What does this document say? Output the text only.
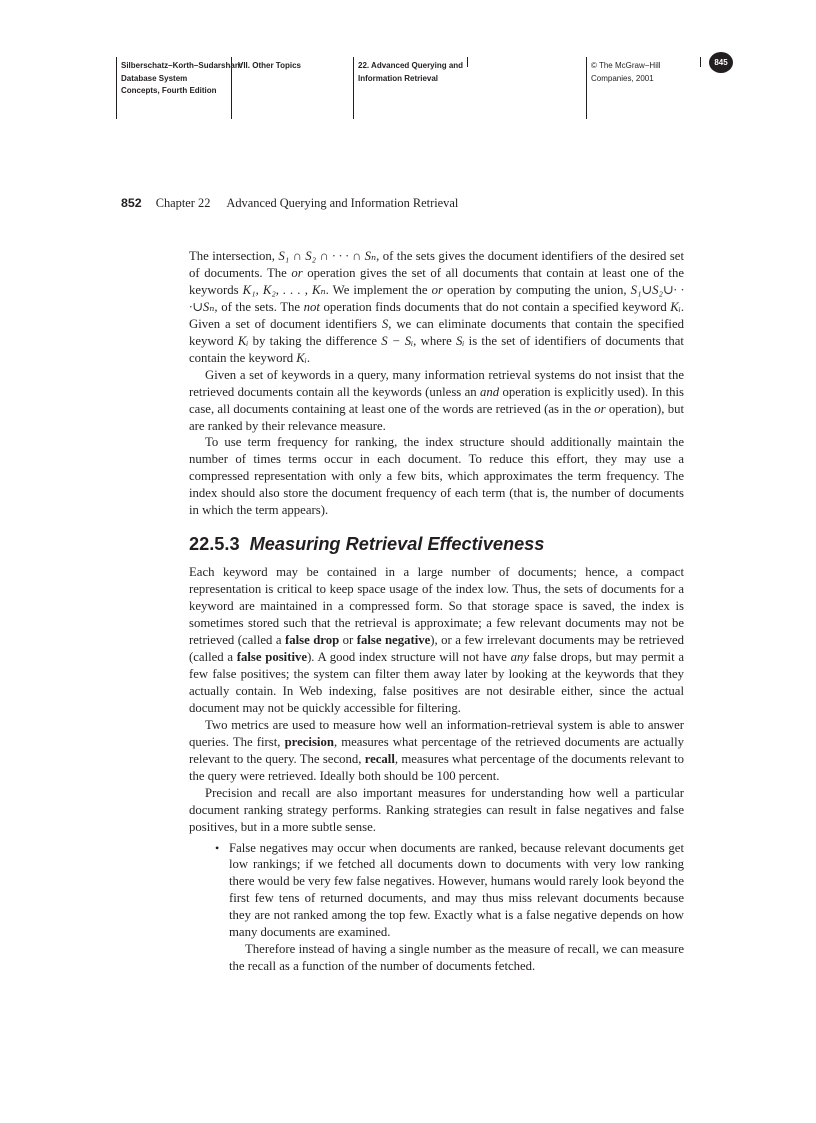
Silberschatz–Korth–Sudarshan:
Database System
Concepts, Fourth Edition
VII. Other Topics	22. Advanced Querying and
Information Retrieval
© The McGraw−Hill
Companies, 2001
845
852 Chapter 22 Advanced Querying and Information Retrieval

The intersection, S₁ ∩ S₂ ∩ · · · ∩ Sₙ, of the sets gives the document identifiers of the desired set of documents. The or operation gives the set of all documents that contain at least one of the keywords K₁, K₂, . . . , Kₙ. We implement the or operation by computing the union, S₁∪S₂∪· · ·∪Sₙ, of the sets. The not operation finds documents that do not contain a specified keyword Kᵢ. Given a set of document identifiers S, we can eliminate documents that contain the specified keyword Kᵢ by taking the difference S − Sᵢ, where Sᵢ is the set of identifiers of documents that contain the keyword Kᵢ.

Given a set of keywords in a query, many information retrieval systems do not insist that the retrieved documents contain all the keywords (unless an and operation is explicitly used). In this case, all documents containing at least one of the words are retrieved (as in the or operation), but are ranked by their relevance measure.

To use term frequency for ranking, the index structure should additionally maintain the number of times terms occur in each document. To reduce this effort, they may use a compressed representation with only a few bits, which approximates the term frequency. The index should also store the document frequency of each term (that is, the number of documents in which the term appears).

22.5.3 Measuring Retrieval Effectiveness

Each keyword may be contained in a large number of documents; hence, a compact representation is critical to keep space usage of the index low. Thus, the sets of documents for a keyword are maintained in a compressed form. So that storage space is saved, the index is sometimes stored such that the retrieval is approximate; a few relevant documents may not be retrieved (called a false drop or false negative), or a few irrelevant documents may be retrieved (called a false positive). A good index structure will not have any false drops, but may permit a few false positives; the system can filter them away later by looking at the keywords that they actually contain. In Web indexing, false positives are not desirable either, since the actual document may not be quickly accessible for filtering.

Two metrics are used to measure how well an information-retrieval system is able to answer queries. The first, precision, measures what percentage of the retrieved documents are actually relevant to the query. The second, recall, measures what percentage of the documents relevant to the query were retrieved. Ideally both should be 100 percent.

Precision and recall are also important measures for understanding how well a particular document ranking strategy performs. Ranking strategies can result in false negatives and false positives, but in a more subtle sense.

• False negatives may occur when documents are ranked, because relevant documents get low rankings; if we fetched all documents down to documents with very low ranking there would be very few false negatives. However, humans would rarely look beyond the first few tens of returned documents, and may thus miss relevant documents because they are not ranked among the top few. Exactly what is a false negative depends on how many documents are examined.

Therefore instead of having a single number as the measure of recall, we can measure the recall as a function of the number of documents fetched.
